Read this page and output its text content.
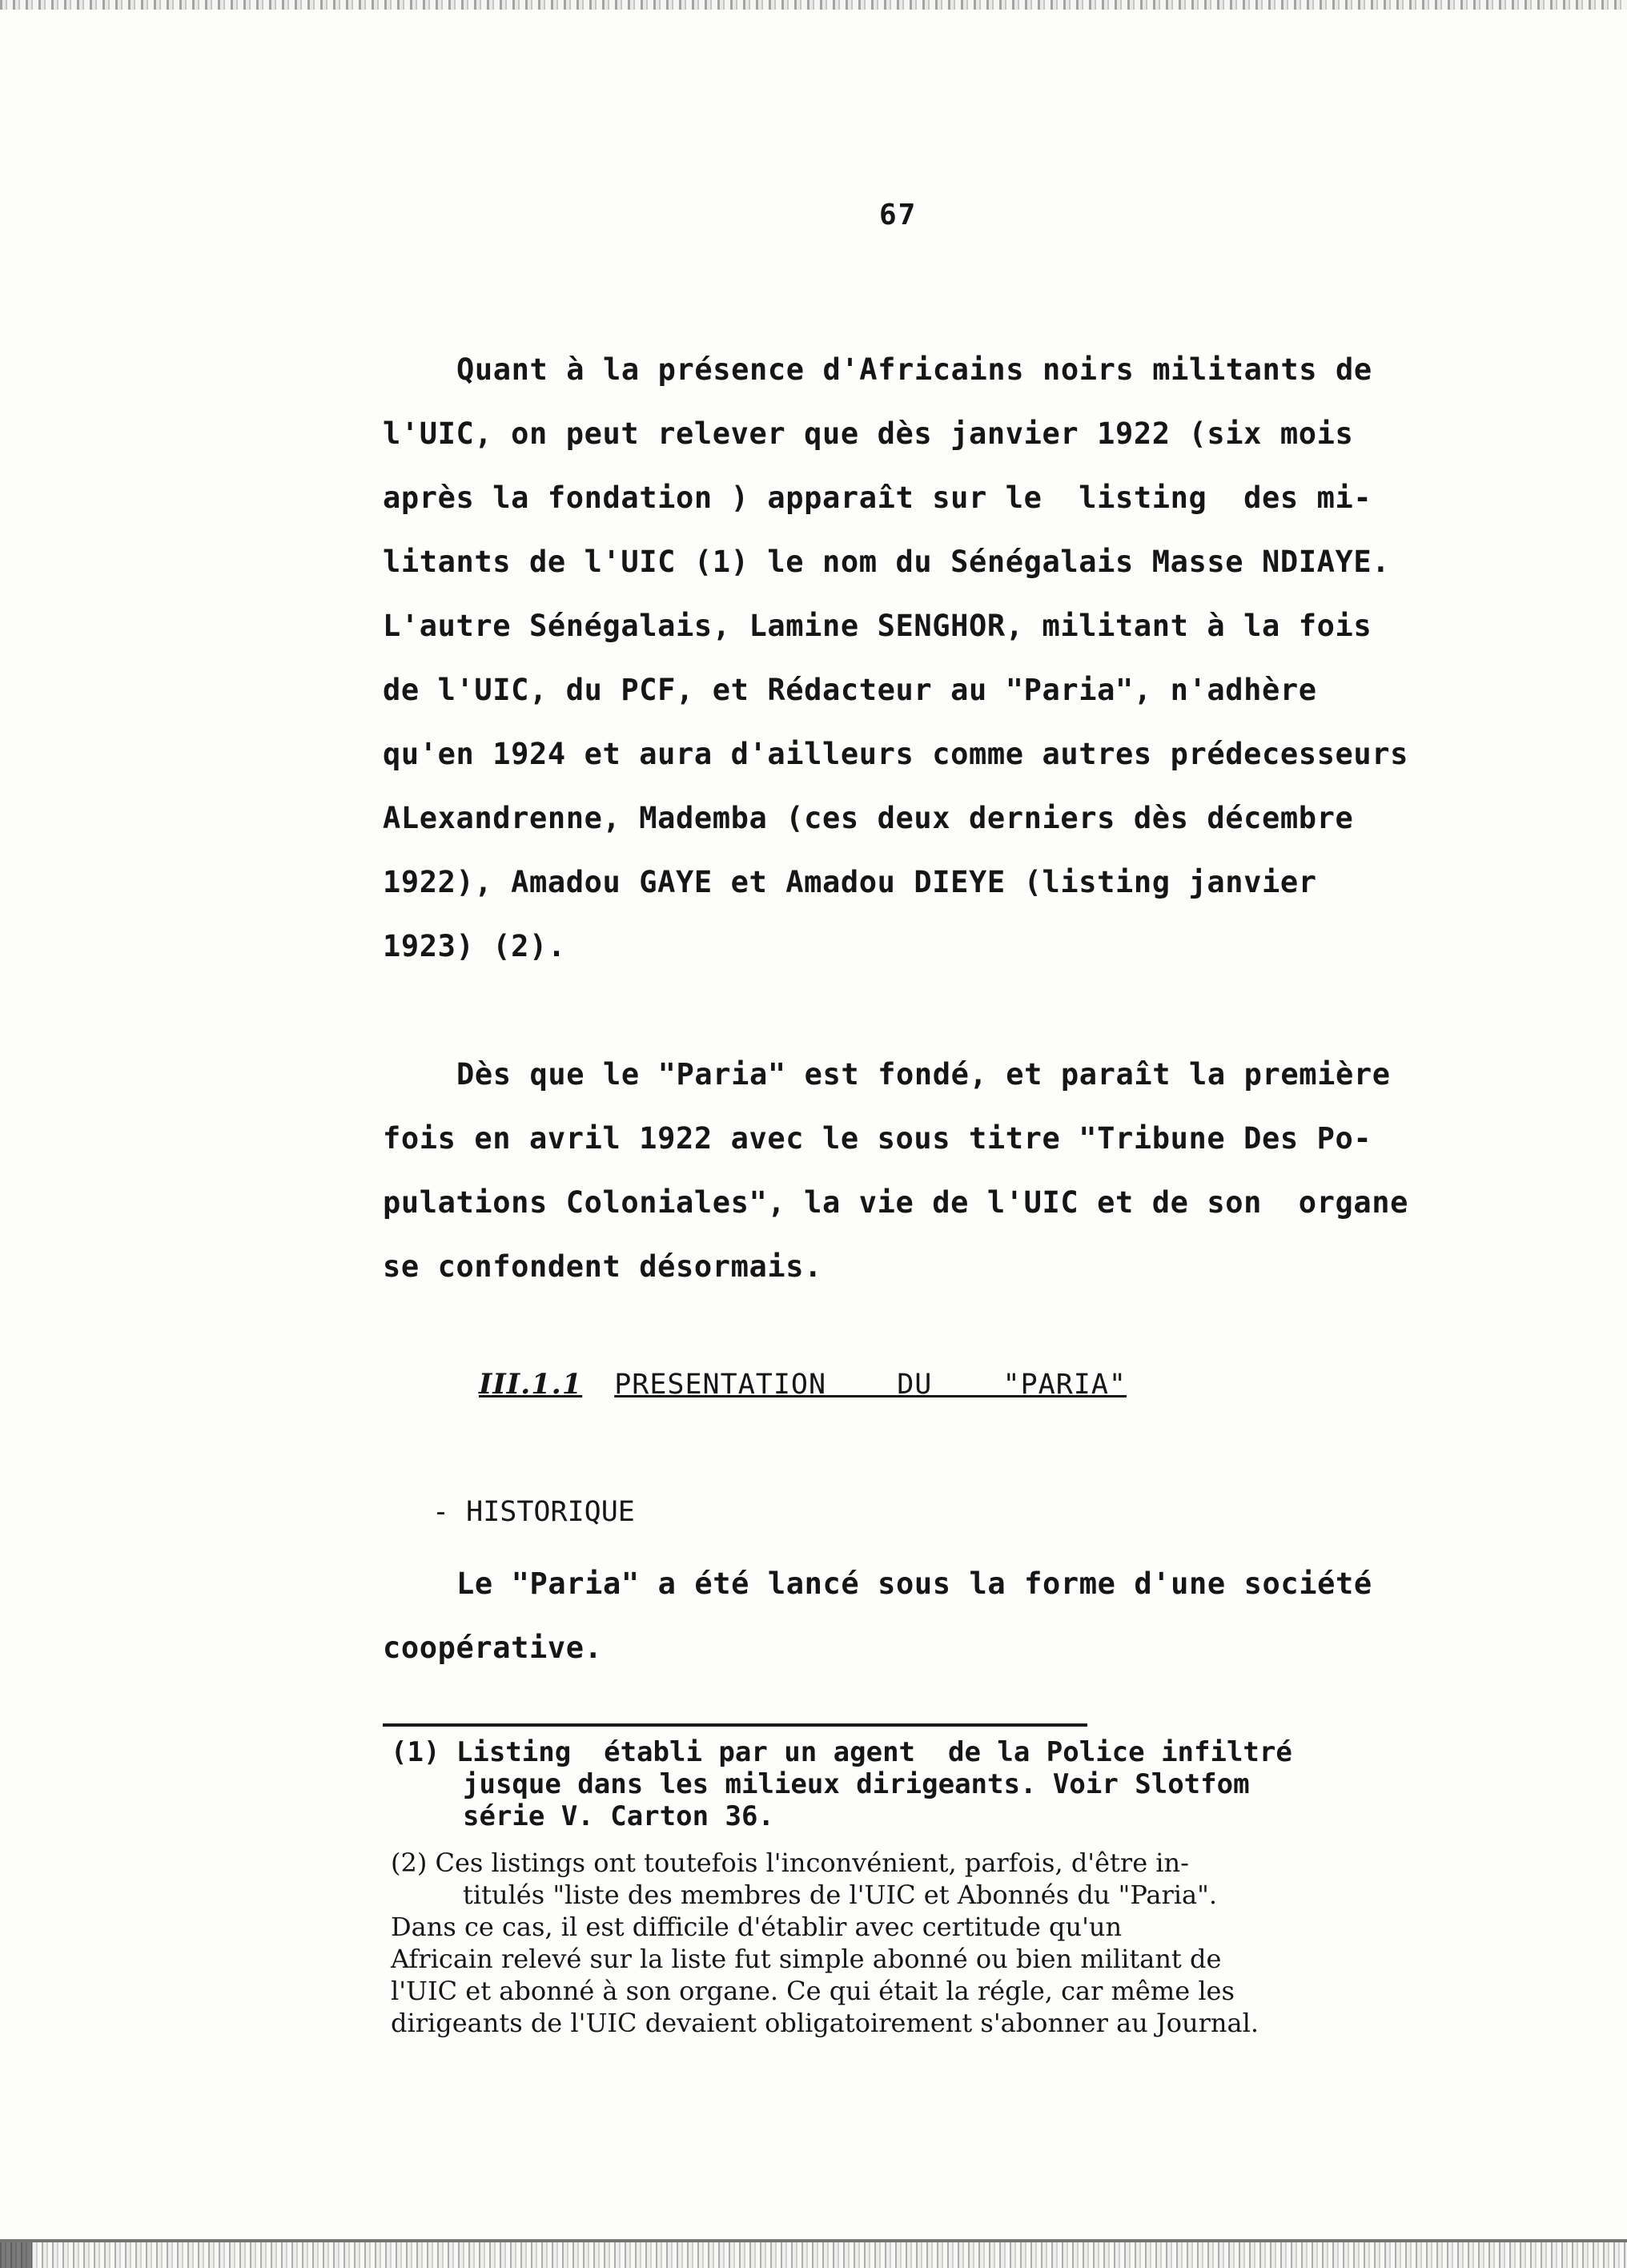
67
Quant à la présence d'Africains noirs militants de
l'UIC, on peut relever que dès janvier 1922 (six mois
après la fondation ) apparaît sur le  listing  des mi-
litants de l'UIC (1) le nom du Sénégalais Masse NDIAYE.
L'autre Sénégalais, Lamine SENGHOR, militant à la fois
de l'UIC, du PCF, et Rédacteur au "Paria", n'adhère
qu'en 1924 et aura d'ailleurs comme autres prédecesseurs
ALexandrenne, Mademba (ces deux derniers dès décembre
1922), Amadou GAYE et Amadou DIEYE (listing janvier
1923) (2).
Dès que le "Paria" est fondé, et paraît la première
fois en avril 1922 avec le sous titre "Tribune Des Po-
pulations Coloniales", la vie de l'UIC et de son  organe
se confondent désormais.
III.1.1 PRESENTATION  DU  "PARIA"
- HISTORIQUE
Le "Paria" a été lancé sous la forme d'une société
coopérative.
(1) Listing  établi par un agent  de la Police infiltré
jusque dans les milieux dirigeants. Voir Slotfom
série V. Carton 36.
(2) Ces listings ont toutefois l'inconvénient, parfois, d'être in-
titulés "liste des membres de l'UIC et Abonnés du "Paria".
Dans ce cas, il est difficile d'établir avec certitude qu'un
Africain relevé sur la liste fut simple abonné ou bien militant de
l'UIC et abonné à son organe. Ce qui était la régle, car même les
dirigeants de l'UIC devaient obligatoirement s'abonner au Journal.
